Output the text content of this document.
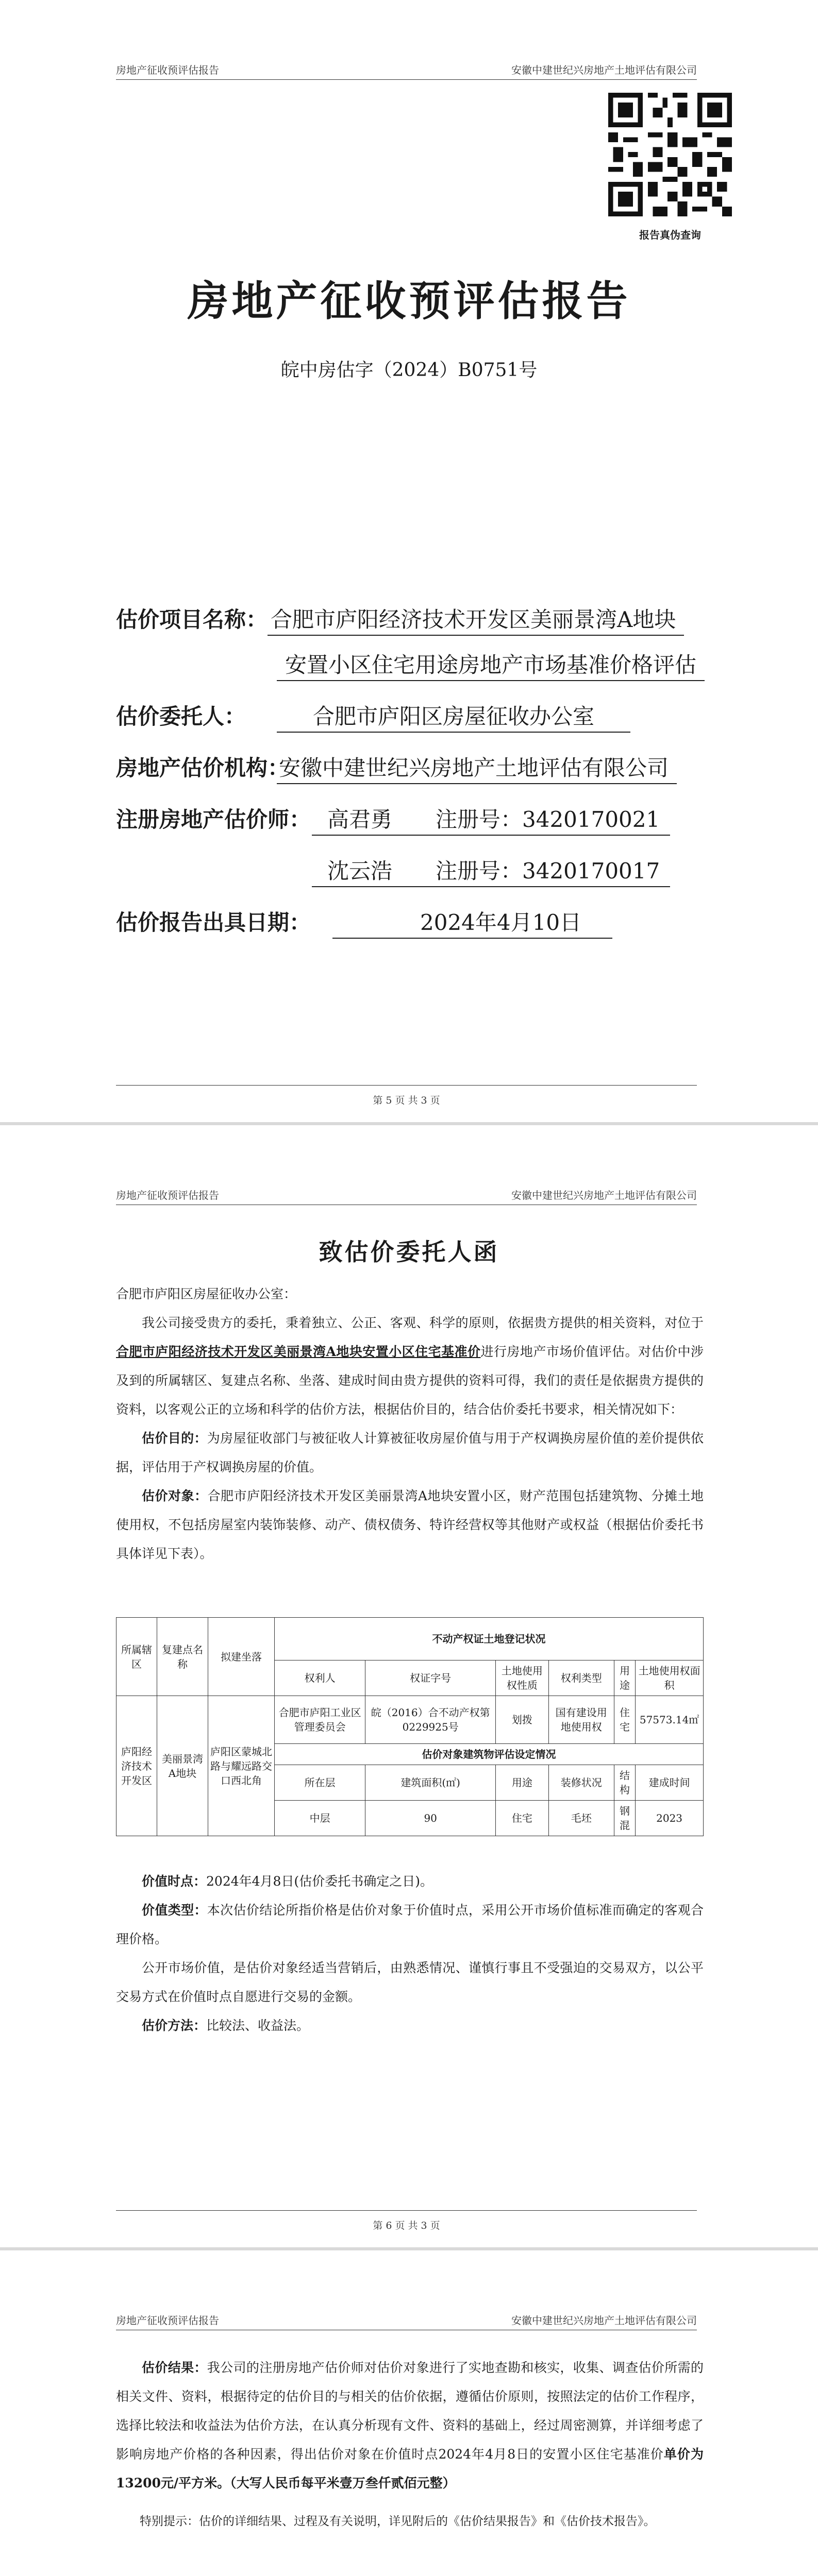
房地产征收预评估报告	安徽中建世纪兴房地产土地评估有限公司
报告真伪查询
房地产征收预评估报告
皖中房估字（2024）B0751号
估价项目名称： 合肥市庐阳经济技术开发区美丽景湾A地块
安置小区住宅用途房地产市场基准价格评估
估价委托人：	合肥市庐阳区房屋征收办公室
房地产估价机构：安徽中建世纪兴房地产土地评估有限公司
注册房地产估价师： 高君勇　　注册号：3420170021
沈云浩　　注册号：3420170017
估价报告出具日期：	2024年4月10日
第 5 页 共 3 页
房地产征收预评估报告	安徽中建世纪兴房地产土地评估有限公司
致估价委托人函

合肥市庐阳区房屋征收办公室：

我公司接受贵方的委托，秉着独立、公正、客观、科学的原则，依据贵方提供的相关资料，对位于合肥市庐阳经济技术开发区美丽景湾A地块安置小区住宅基准价进行房地产市场价值评估。对估价中涉及到的所属辖区、复建点名称、坐落、建成时间由贵方提供的资料可得，我们的责任是依据贵方提供的资料，以客观公正的立场和科学的估价方法，根据估价目的，结合估价委托书要求，相关情况如下：

估价目的：为房屋征收部门与被征收人计算被征收房屋价值与用于产权调换房屋价值的差价提供依据，评估用于产权调换房屋的价值。

估价对象：合肥市庐阳经济技术开发区美丽景湾A地块安置小区，财产范围包括建筑物、分摊土地使用权，不包括房屋室内装饰装修、动产、债权债务、特许经营权等其他财产或权益（根据估价委托书具体详见下表）。

所属辖区	复建点名称	拟建坐落	不动产权证土地登记状况					
			权利人	权证字号	土地使用权性质	权利类型	用途	土地使用权面积
庐阳经济技术开发区	美丽景湾A地块	庐阳区蒙城北路与耀远路交口西北角	合肥市庐阳工业区管理委员会	皖（2016）合不动产权第0229925号	划拨	国有建设用地使用权	住宅	57573.14㎡
			估价对象建筑物评估设定情况					
			所在层	建筑面积(㎡)	用途	装修状况	结构	建成时间
			中层	90	住宅	毛坯	钢混	2023

价值时点：2024年4月8日(估价委托书确定之日)。

价值类型：本次估价结论所指价格是估价对象于价值时点，采用公开市场价值标准而确定的客观合理价格。

公开市场价值，是估价对象经适当营销后，由熟悉情况、谨慎行事且不受强迫的交易双方，以公平交易方式在价值时点自愿进行交易的金额。

估价方法：比较法、收益法。

第 6 页 共 3 页
房地产征收预评估报告	安徽中建世纪兴房地产土地评估有限公司

估价结果：我公司的注册房地产估价师对估价对象进行了实地查勘和核实，收集、调查估价所需的相关文件、资料，根据待定的估价目的与相关的估价依据，遵循估价原则，按照法定的估价工作程序，选择比较法和收益法为估价方法，在认真分析现有文件、资料的基础上，经过周密测算，并详细考虑了影响房地产价格的各种因素，得出估价对象在价值时点2024年4月8日的安置小区住宅基准价单价为13200元/平方米。（大写人民币每平米壹万叁仟贰佰元整）

特别提示：估价的详细结果、过程及有关说明，详见附后的《估价结果报告》和《估价技术报告》。
